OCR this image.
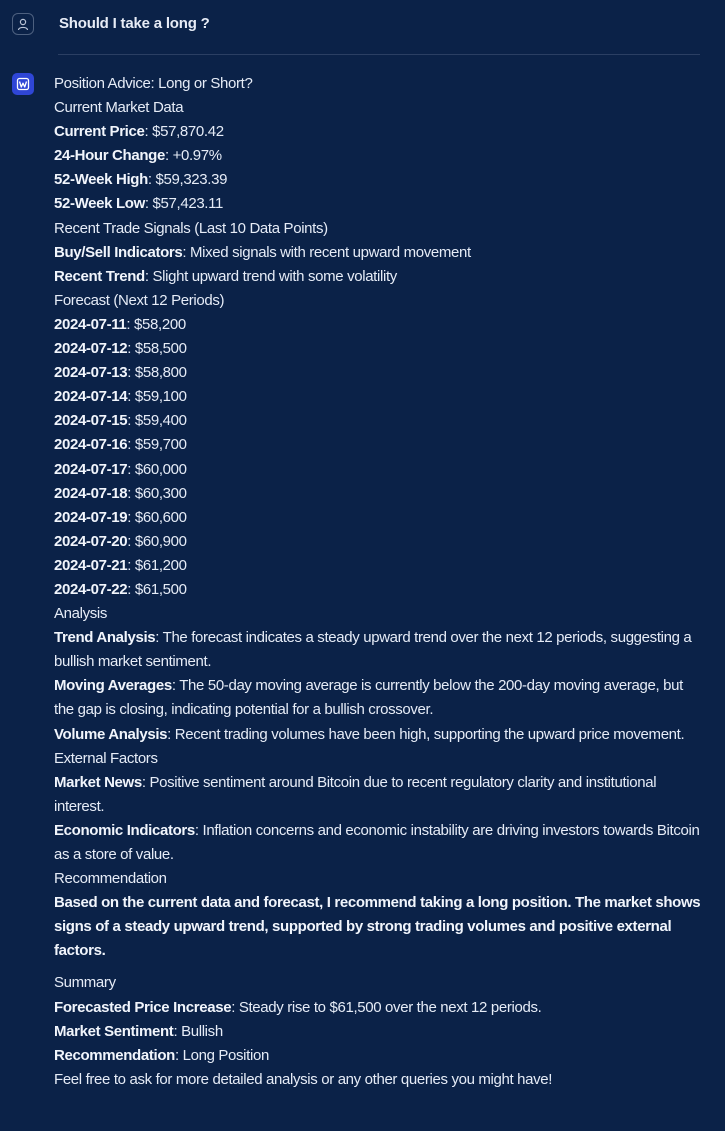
Should I take a long ?
Position Advice: Long or Short?
Current Market Data
Current Price: $57,870.42
24-Hour Change: +0.97%
52-Week High: $59,323.39
52-Week Low: $57,423.11
Recent Trade Signals (Last 10 Data Points)
Buy/Sell Indicators: Mixed signals with recent upward movement
Recent Trend: Slight upward trend with some volatility
Forecast (Next 12 Periods)
2024-07-11: $58,200
2024-07-12: $58,500
2024-07-13: $58,800
2024-07-14: $59,100
2024-07-15: $59,400
2024-07-16: $59,700
2024-07-17: $60,000
2024-07-18: $60,300
2024-07-19: $60,600
2024-07-20: $60,900
2024-07-21: $61,200
2024-07-22: $61,500
Analysis
Trend Analysis: The forecast indicates a steady upward trend over the next 12 periods, suggesting a bullish market sentiment.
Moving Averages: The 50-day moving average is currently below the 200-day moving average, but the gap is closing, indicating potential for a bullish crossover.
Volume Analysis: Recent trading volumes have been high, supporting the upward price movement.
External Factors
Market News: Positive sentiment around Bitcoin due to recent regulatory clarity and institutional interest.
Economic Indicators: Inflation concerns and economic instability are driving investors towards Bitcoin as a store of value.
Recommendation
Based on the current data and forecast, I recommend taking a long position. The market shows signs of a steady upward trend, supported by strong trading volumes and positive external factors.
Summary
Forecasted Price Increase: Steady rise to $61,500 over the next 12 periods.
Market Sentiment: Bullish
Recommendation: Long Position
Feel free to ask for more detailed analysis or any other queries you might have!
